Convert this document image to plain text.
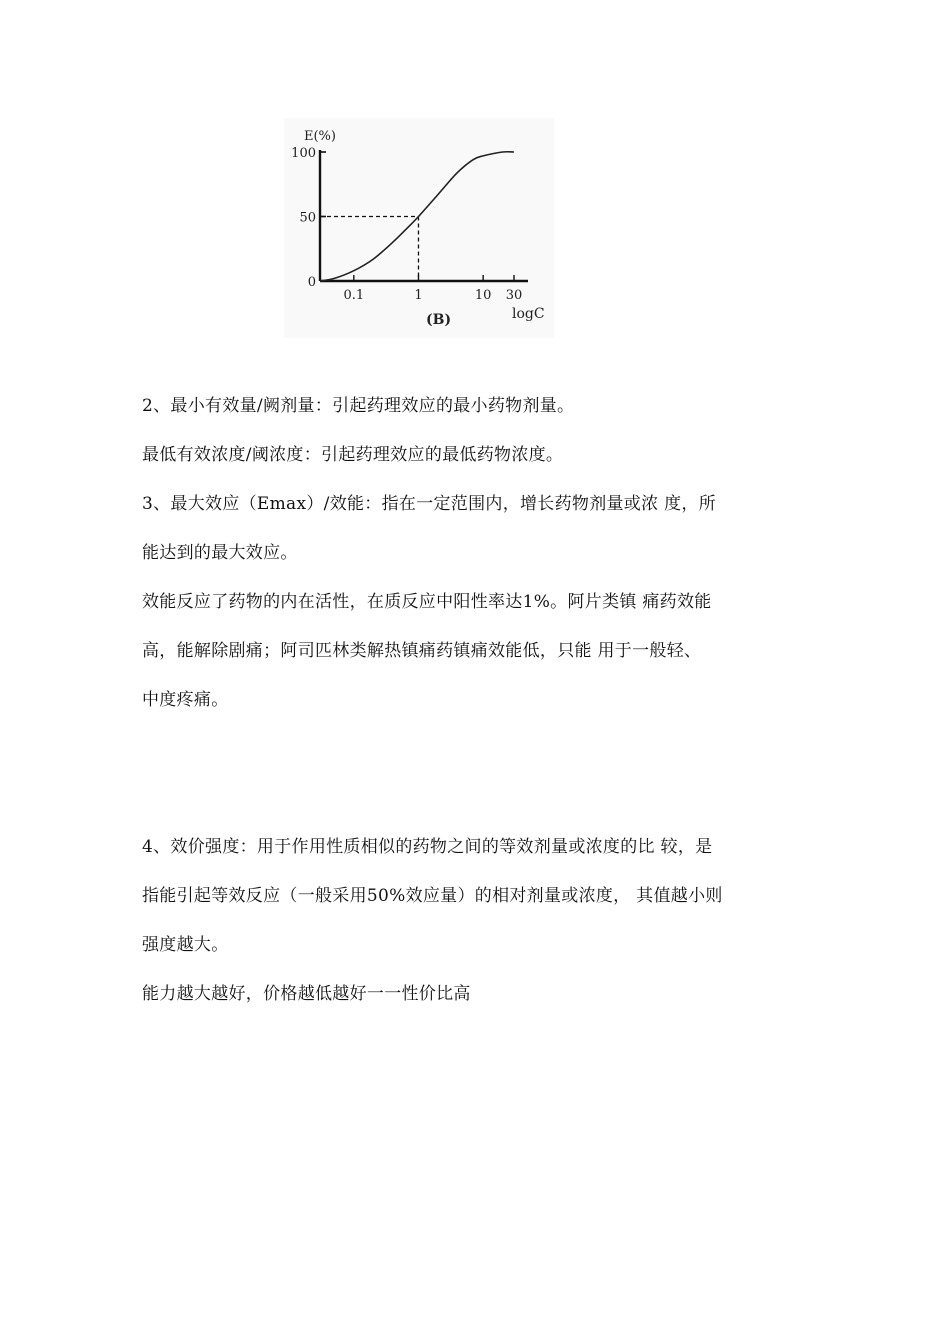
E(%)
100
50
0
0.1	1	10 30
logC
(B)
2、最小有效量/阙剂量：引起药理效应的最小药物剂量。
最低有效浓度/阈浓度：引起药理效应的最低药物浓度。
3、最大效应（Emax）/效能：指在一定范围内，增长药物剂量或浓 度，所
能达到的最大效应。
效能反应了药物的内在活性，在质反应中阳性率达1%。阿片类镇 痛药效能
高，能解除剧痛；阿司匹林类解热镇痛药镇痛效能低，只能 用于一般轻、
中度疼痛。
4、效价强度：用于作用性质相似的药物之间的等效剂量或浓度的比 较，是
指能引起等效反应（一般采用50%效应量）的相对剂量或浓度， 其值越小则
强度越大。
能力越大越好，价格越低越好一一性价比高
